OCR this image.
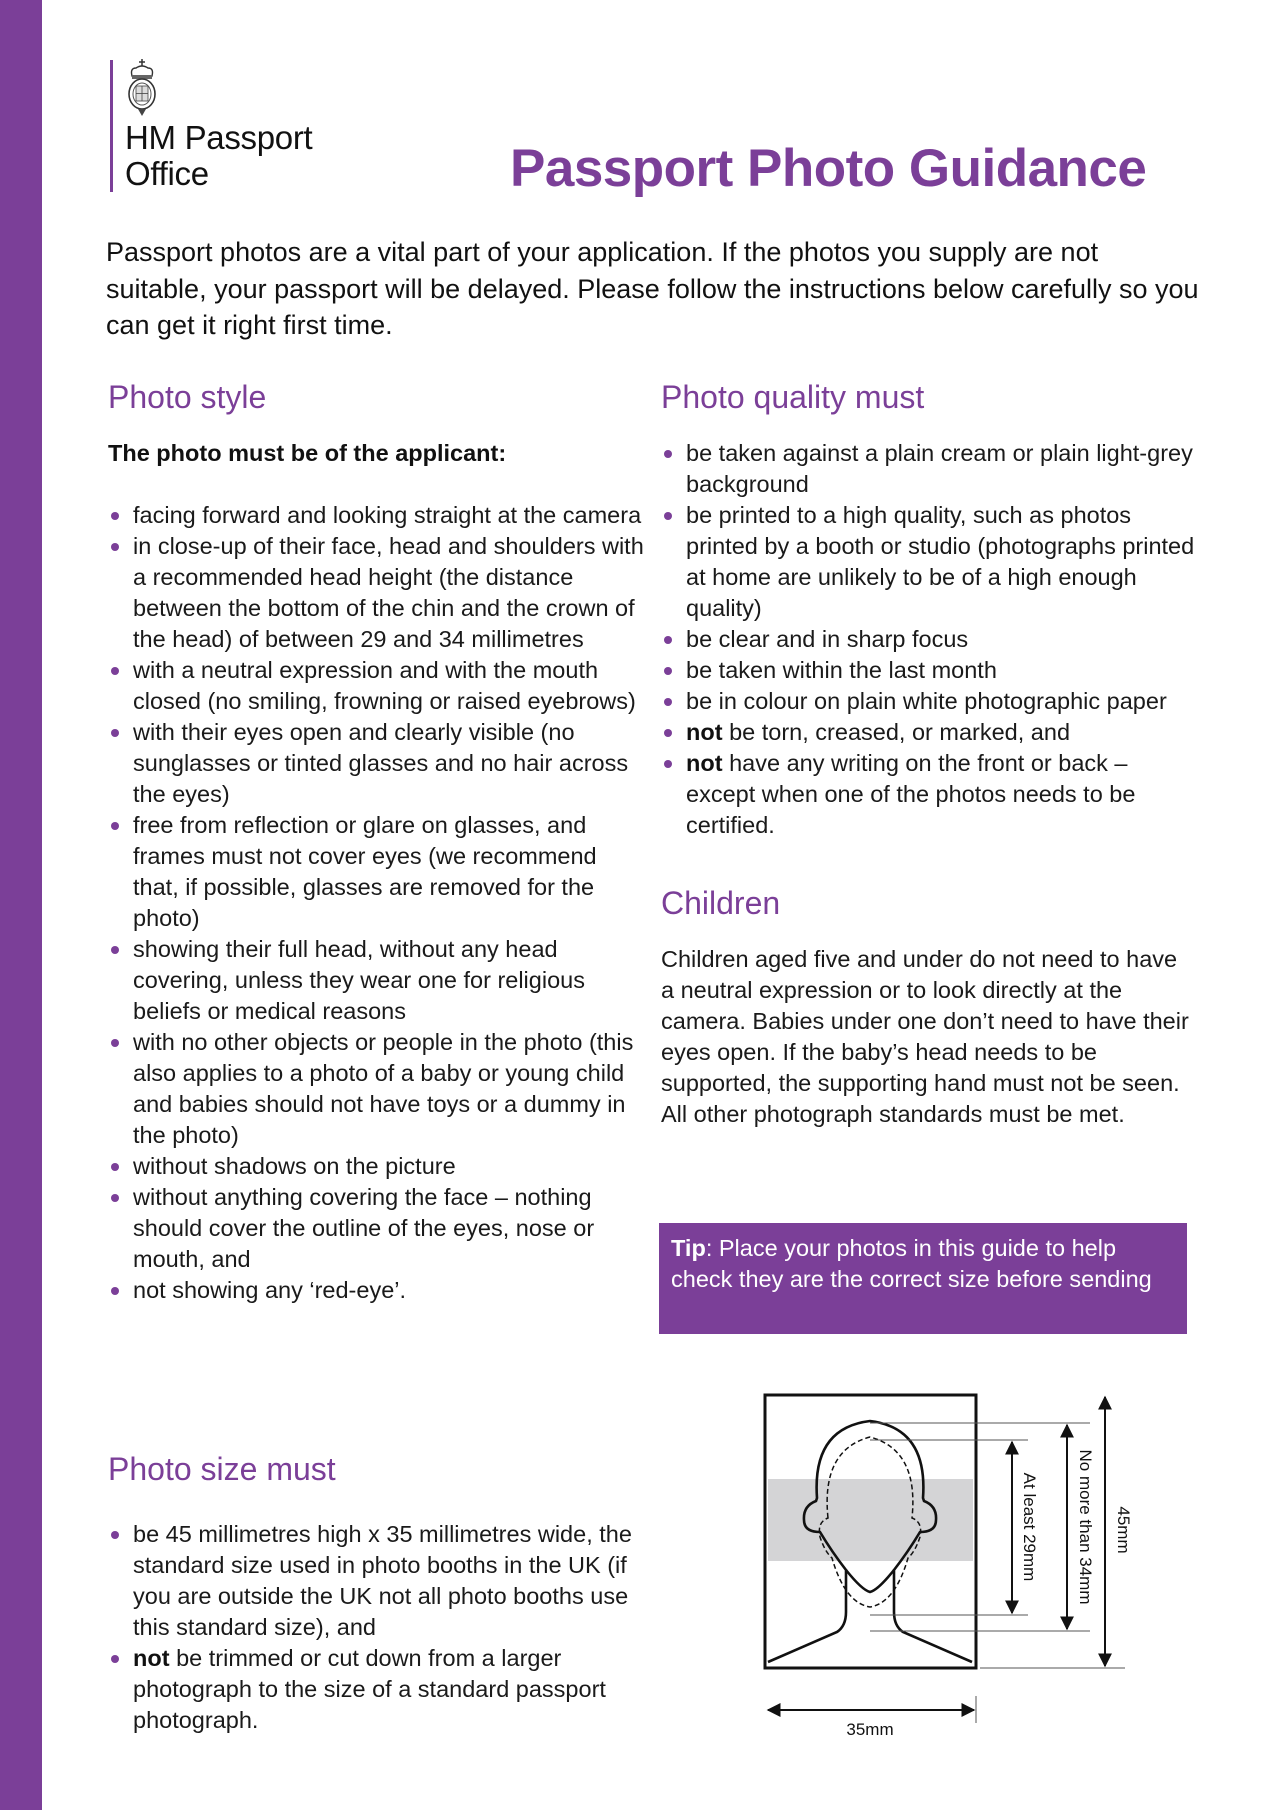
HM Passport
Office	Passport Photo Guidance

Passport photos are a vital part of your application. If the photos you supply are not suitable, your passport will be delayed. Please follow the instructions below carefully so you can get it right first time.

Photo style
The photo must be of the applicant:
facing forward and looking straight at the camera
in close-up of their face, head and shoulders with a recommended head height (the distance between the bottom of the chin and the crown of the head) of between 29 and 34 millimetres
with a neutral expression and with the mouth closed (no smiling, frowning or raised eyebrows)
with their eyes open and clearly visible (no sunglasses or tinted glasses and no hair across the eyes)
free from reflection or glare on glasses, and frames must not cover eyes (we recommend that, if possible, glasses are removed for the photo)
showing their full head, without any head covering, unless they wear one for religious beliefs or medical reasons
with no other objects or people in the photo (this also applies to a photo of a baby or young child and babies should not have toys or a dummy in the photo)
without shadows on the picture
without anything covering the face – nothing should cover the outline of the eyes, nose or mouth, and
not showing any ‘red-eye’.
Photo size must
be 45 millimetres high x 35 millimetres wide, the standard size used in photo booths in the UK (if you are outside the UK not all photo booths use this standard size), and
not be trimmed or cut down from a larger photograph to the size of a standard passport photograph.
Photo quality must
be taken against a plain cream or plain light-grey background
be printed to a high quality, such as photos printed by a booth or studio (photographs printed at home are unlikely to be of a high enough quality)
be clear and in sharp focus
be taken within the last month
be in colour on plain white photographic paper
not be torn, creased, or marked, and
not have any writing on the front or back – except when one of the photos needs to be certified.
Children

Children aged five and under do not need to have a neutral expression or to look directly at the camera. Babies under one don’t need to have their eyes open. If the baby’s head needs to be supported, the supporting hand must not be seen. All other photograph standards must be met.

Tip: Place your photos in this guide to help check they are the correct size before sending
At least 29mm No more than 34mm 45mm
35mm
